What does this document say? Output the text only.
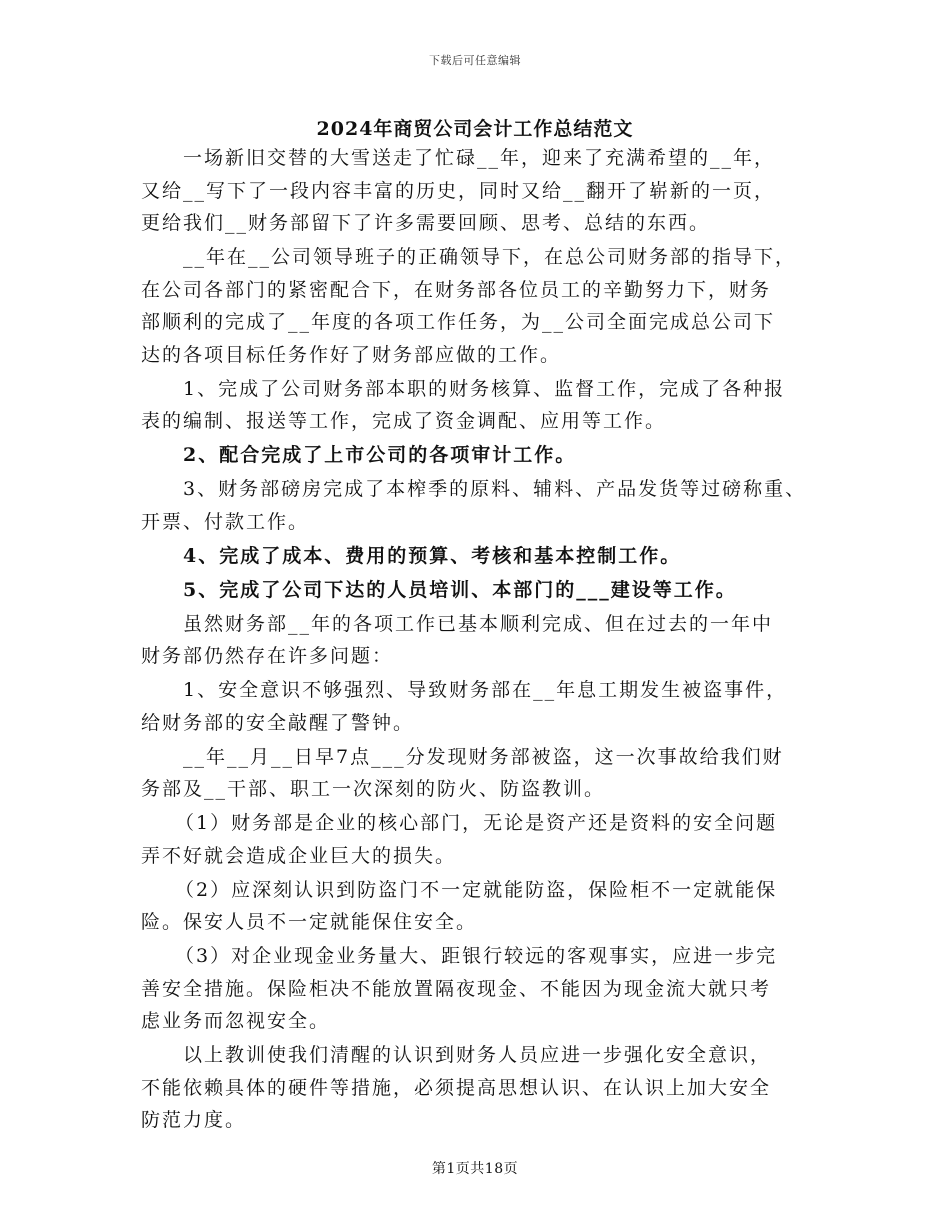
下载后可任意编辑
2024年商贸公司会计工作总结范文
一场新旧交替的大雪送走了忙碌__年，迎来了充满希望的__年，
又给__写下了一段内容丰富的历史，同时又给__翻开了崭新的一页，
更给我们__财务部留下了许多需要回顾、思考、总结的东西。
__年在__公司领导班子的正确领导下，在总公司财务部的指导下，
在公司各部门的紧密配合下，在财务部各位员工的辛勤努力下，财务
部顺利的完成了__年度的各项工作任务，为__公司全面完成总公司下
达的各项目标任务作好了财务部应做的工作。
1、完成了公司财务部本职的财务核算、监督工作，完成了各种报
表的编制、报送等工作，完成了资金调配、应用等工作。
2、配合完成了上市公司的各项审计工作。
3、财务部磅房完成了本榨季的原料、辅料、产品发货等过磅称重、
开票、付款工作。
4、完成了成本、费用的预算、考核和基本控制工作。
5、完成了公司下达的人员培训、本部门的___建设等工作。
虽然财务部__年的各项工作已基本顺利完成、但在过去的一年中
财务部仍然存在许多问题：
1、安全意识不够强烈、导致财务部在__年息工期发生被盗事件，
给财务部的安全敲醒了警钟。
__年__月__日早7点___分发现财务部被盗，这一次事故给我们财
务部及__干部、职工一次深刻的防火、防盗教训。
（1）财务部是企业的核心部门，无论是资产还是资料的安全问题
弄不好就会造成企业巨大的损失。
（2）应深刻认识到防盗门不一定就能防盗，保险柜不一定就能保
险。保安人员不一定就能保住安全。
（3）对企业现金业务量大、距银行较远的客观事实，应进一步完
善安全措施。保险柜决不能放置隔夜现金、不能因为现金流大就只考
虑业务而忽视安全。
以上教训使我们清醒的认识到财务人员应进一步强化安全意识，
不能依赖具体的硬件等措施，必须提高思想认识、在认识上加大安全
防范力度。
第1页共18页
